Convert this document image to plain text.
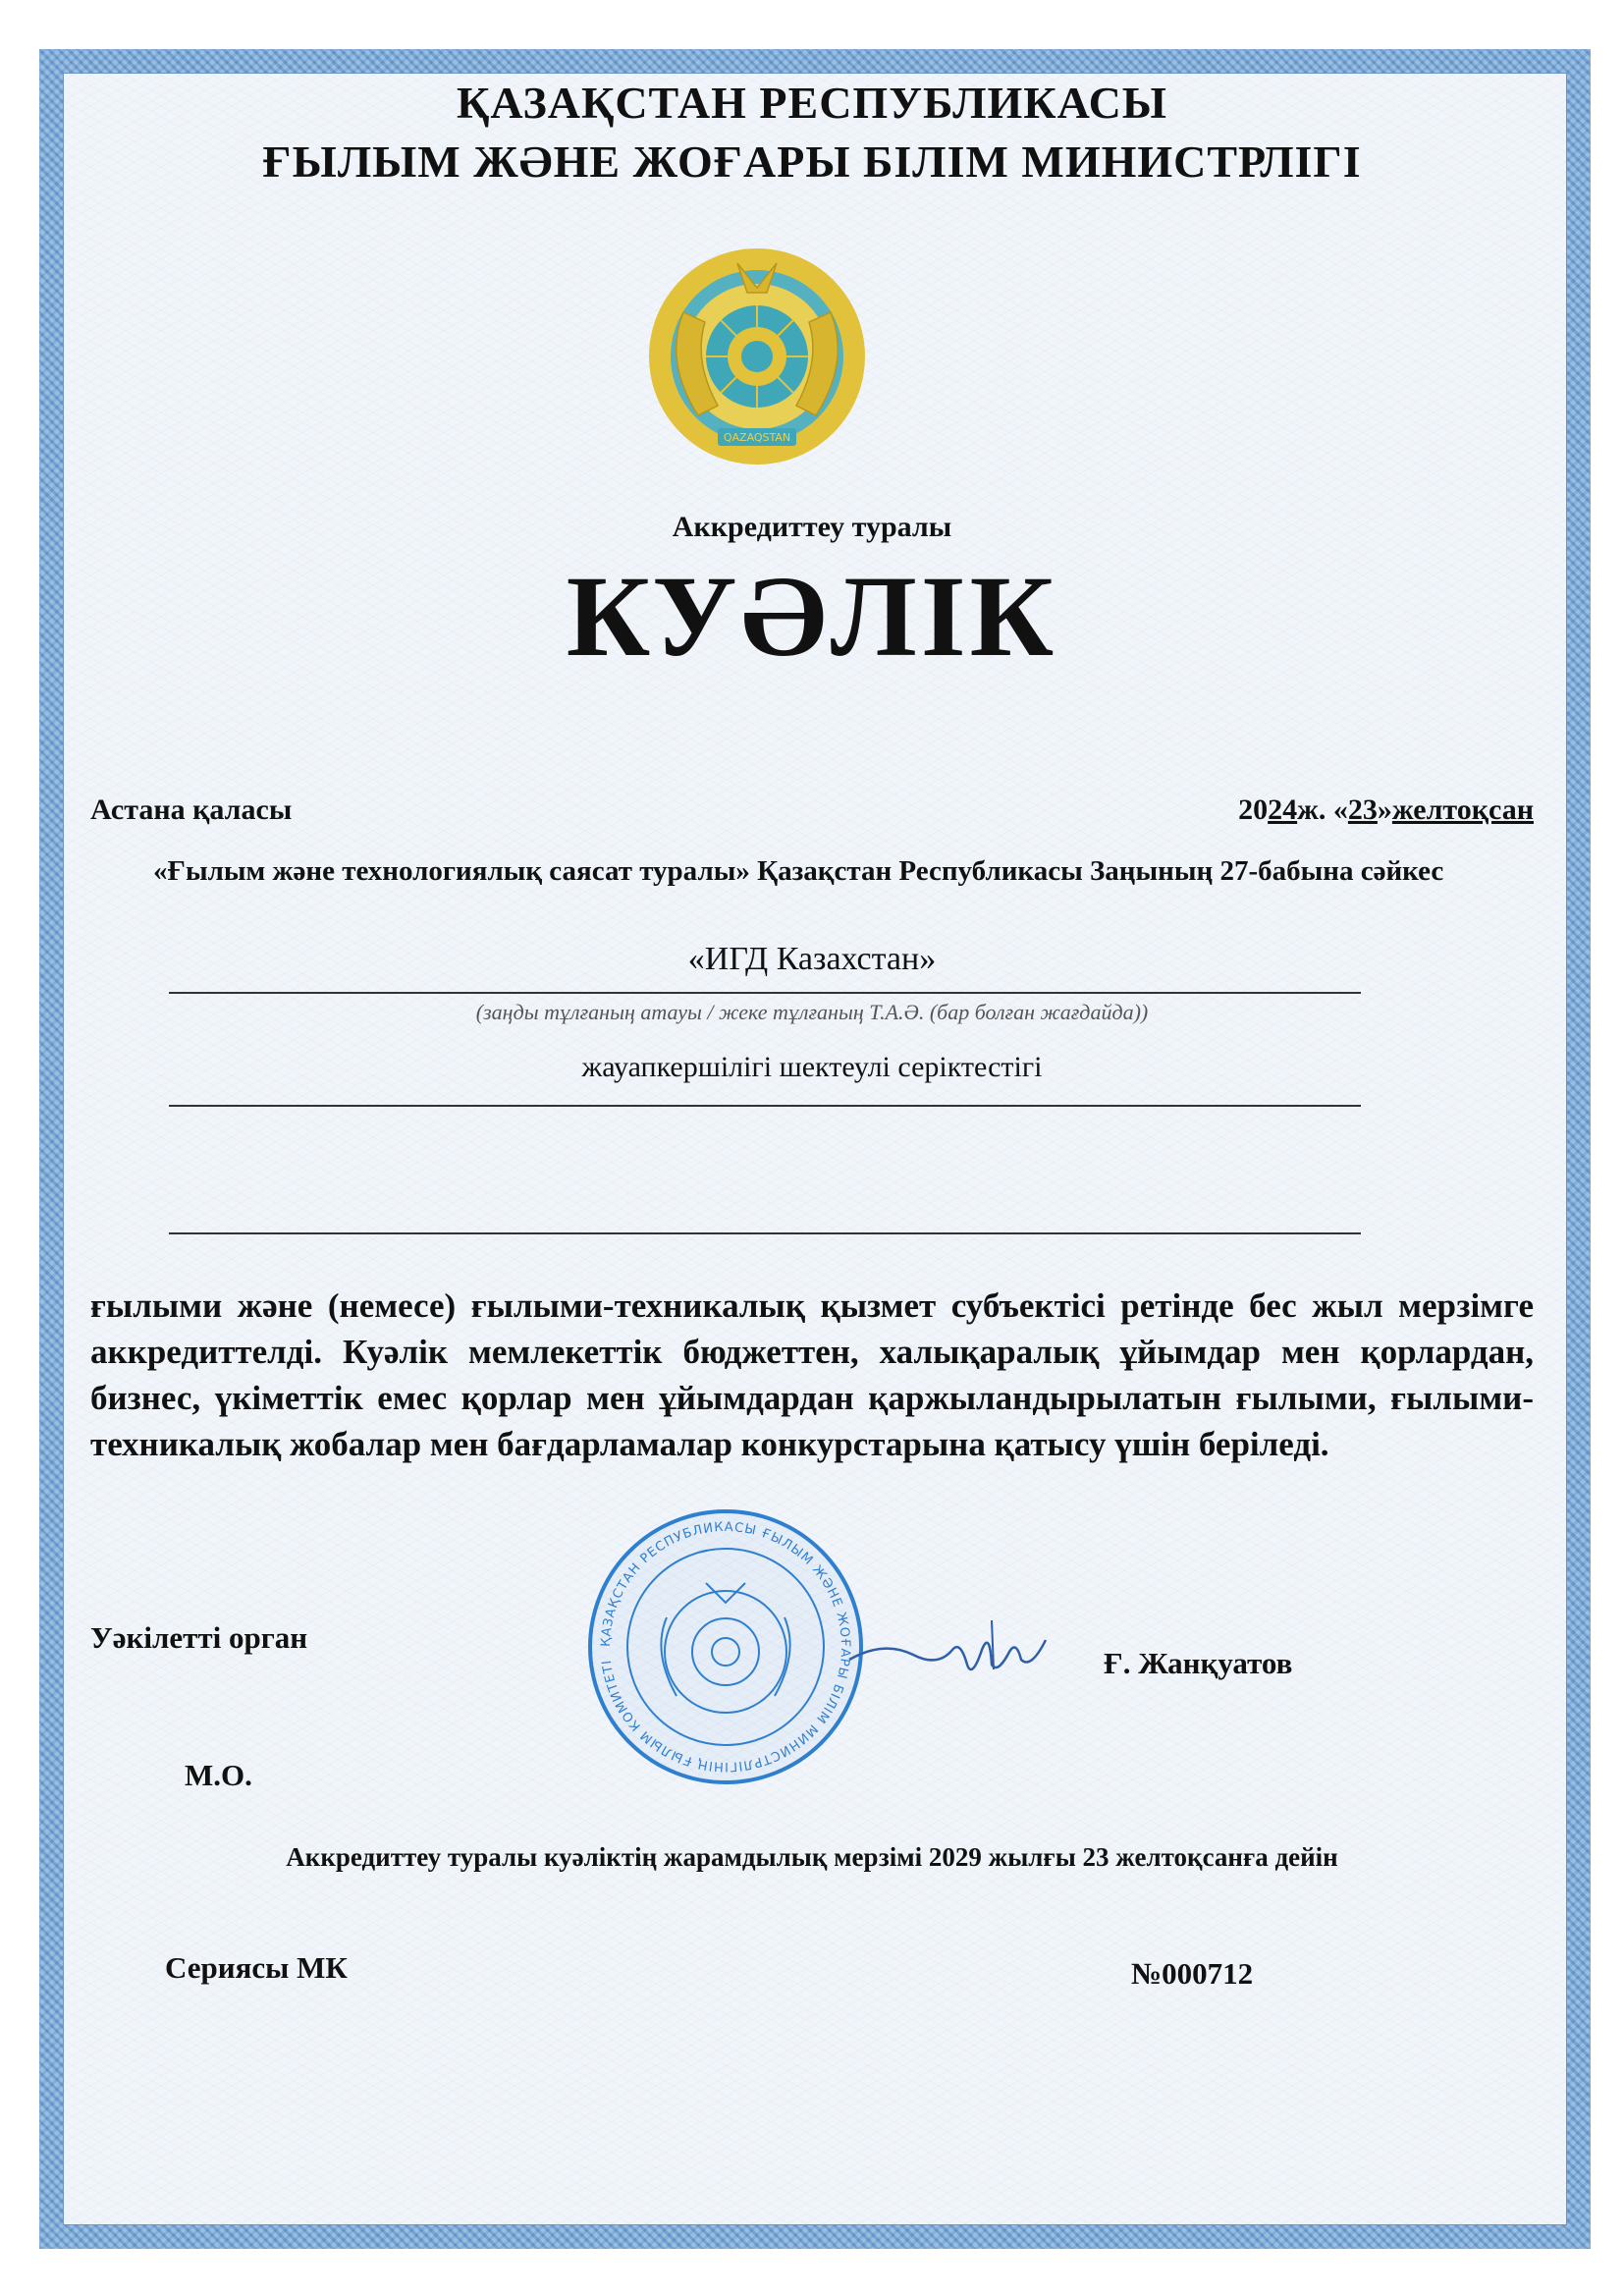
ҚАЗАҚСТАН РЕСПУБЛИКАСЫ
ҒЫЛЫМ ЖӘНЕ ЖОҒАРЫ БІЛІМ МИНИСТРЛІГІ
QAZAQSTAN
Аккредиттеу туралы
КУӘЛІК
Астана қаласы	2024ж. «23»желтоқсан
«Ғылым және технологиялық саясат туралы» Қазақстан Республикасы Заңының 27-бабына сәйкес
«ИГД Казахстан»
(заңды тұлғаның атауы / жеке тұлғаның Т.А.Ә. (бар болған жағдайда))
жауапкершілігі шектеулі серіктестігі
ғылыми және (немесе) ғылыми-техникалық қызмет субъектісі ретінде бес жыл мерзімге аккредиттелді. Куәлік мемлекеттік бюджеттен, халықаралық ұйымдар мен қорлардан, бизнес, үкіметтік емес қорлар мен ұйымдардан қаржыландырылатын ғылыми, ғылыми-техникалық жобалар мен бағдарламалар конкурстарына қатысу үшін беріледі.
Уәкілетті орган	ҚАЗАҚСТАН РЕСПУБЛИКАСЫ ҒЫЛЫМ ЖӘНЕ ЖОҒАРЫ БІЛІМ МИНИСТРЛІГІНІҢ ҒЫЛЫМ КОМИТЕТІ	Ғ. Жанқуатов
М.О.
Аккредиттеу туралы куәліктің жарамдылық мерзімі 2029 жылғы 23 желтоқсанға дейін
Сериясы МК	№000712
